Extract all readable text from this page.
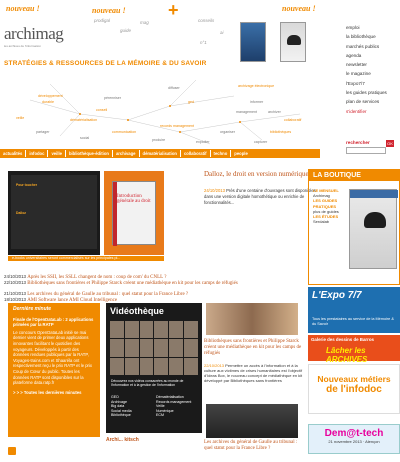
archimag
les archives de l'information
nouveau !	nouveau !	nouveau !
+
prodigal
guide
mag	conseils
ai
n°1
STRATÉGIES & RESSOURCES DE LA MÉMOIRE & DU SAVOIR
emploi
la bibliothèque
marchés publics
agenda
newsletter
le magazine
l'Expo7/7
les guides pratiques
plan de services
s'identifier
développement
durable
diffuser	archivage électronique
pérenniser
conseil
dématérialisation
ged
management
records management
collaboratif
veille
communication
partager	organiser
exploiter
produire	capturer
bibliothèques
informer
archiver
social
actualités	infodoc	veille	bibliothèque-édition	archivage	dématérialisation	collaboratif	techno	people
rechercher	OK
Pour toucher
Dalloz
Introduction générale au droit
Dalloz, le droit en version numérique
24/10/2013 Près d'une centaine d'ouvrages sont disponibles dans une version digitale homothétique ou enrichie de fonctionnalités...
e-books universitaires seront commercialisés sur les principales pl...
24/10/2013 Après les SSII, les SSLL changent de nom : coup de com' du CNLL ?
22/10/2013 Bibliothèques sans frontières et Philippe Starck créent une médiathèque en kit pour les camps de réfugiés
21/10/2013 Les archives du général de Gaulle au tribunal : quel statut pour la France Libre ?
18/10/2013 AMI Software lance AMI Cloud Intelligence
Dernière minute
Finale de l'OpenDataLab : 2 applications primées par la RATP
Le concours OpenDataLab initié se mai dernier vient de primer deux applications innovantes facilitant le quotidien des voyageurs. Développés à partir des données rendues publiques par la RATP, Voyages-trains.com et Shaaréla ont respectivement reçu le prix RATP et le prix Coup de Cœur du public. Toutes les données RATP sont disponibles sur la plateforme data.ratp.fr
> > > Toutes les dernières minutes
Vidéothèque
Découvrez nos vidéos consacrées au monde de l'information et à la gestion de l'information
GED
Archivage
Big data
Social media
Bibliothèque
Dématérialisation
Records management
Veille
Numérique
ECM
Archi... kitsch
Bibliothèques sans frontières et Philippe Starck créent une médiathèque en kit pour les camps de réfugiés
22/10/2013 Permettre un accès à l'information et à la culture aux victimes de crises humanitaires est l'objectif d'Ideas Box, le nouveau concept de médiathèque en kit développé par Bibliothèques sans frontières
Les archives du général de Gaulle au tribunal : quel statut pour la France Libre ?
LA BOUTIQUE
LE MENSUEL
Archimag
LES GUIDES
PRATIQUES
plus de guides
LES ÉTUDES
Serdalab
L'Expo 7/7
Tous les prestataires au service de la Mémoire & du Savoir
Galerie des dessins de Barros
Lâcher les ARCHIVES
Nouveaux métiers
de l'infodoc
Dem@t-tech
21 novembre 2013 · Alençon
